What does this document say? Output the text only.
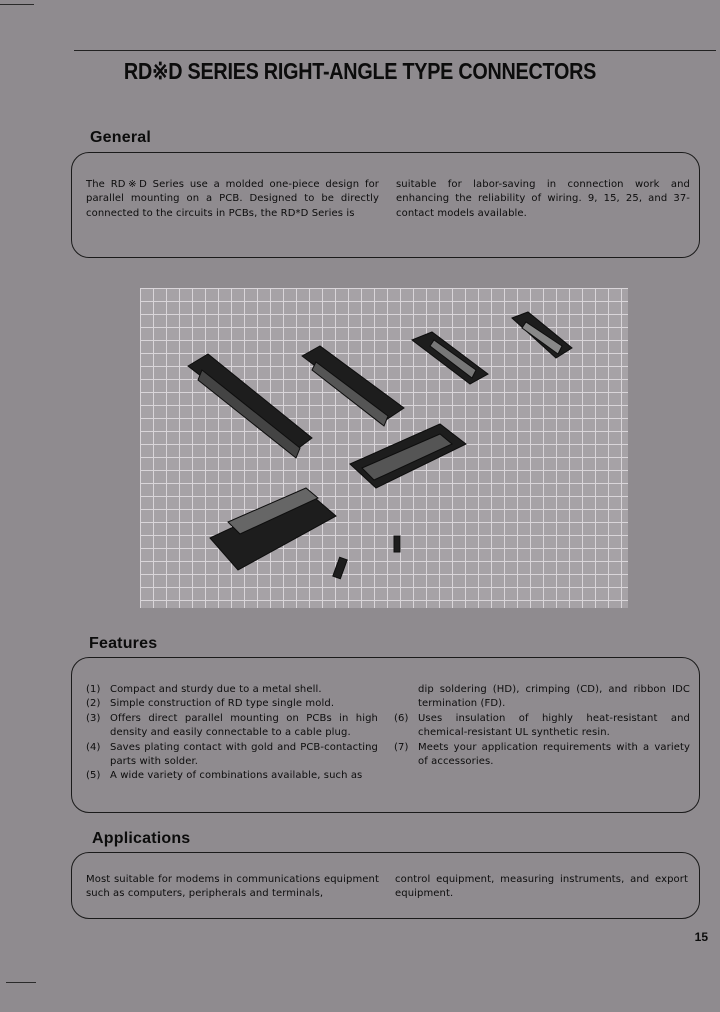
RD※D SERIES RIGHT-ANGLE TYPE CONNECTORS
General

The RD※D Series use a molded one-piece design for parallel mounting on a PCB. Designed to be directly connected to the circuits in PCBs, the RD*D Series is

suitable for labor-saving in connection work and enhancing the reliability of wiring. 9, 15, 25, and 37-contact models available.

Features
(1) Compact and sturdy due to a metal shell.
(2) Simple construction of RD type single mold.
(3) Offers direct parallel mounting on PCBs in high density and easily connectable to a cable plug.
(4) Saves plating contact with gold and PCB-contacting parts with solder.
(5) A wide variety of combinations available, such as
dip soldering (HD), crimping (CD), and ribbon IDC termination (FD).
(6) Uses insulation of highly heat-resistant and chemical-resistant UL synthetic resin.
(7) Meets your application requirements with a variety of accessories.
Applications

Most suitable for modems in communications equipment such as computers, peripherals and terminals,

control equipment, measuring instruments, and export equipment.

15
